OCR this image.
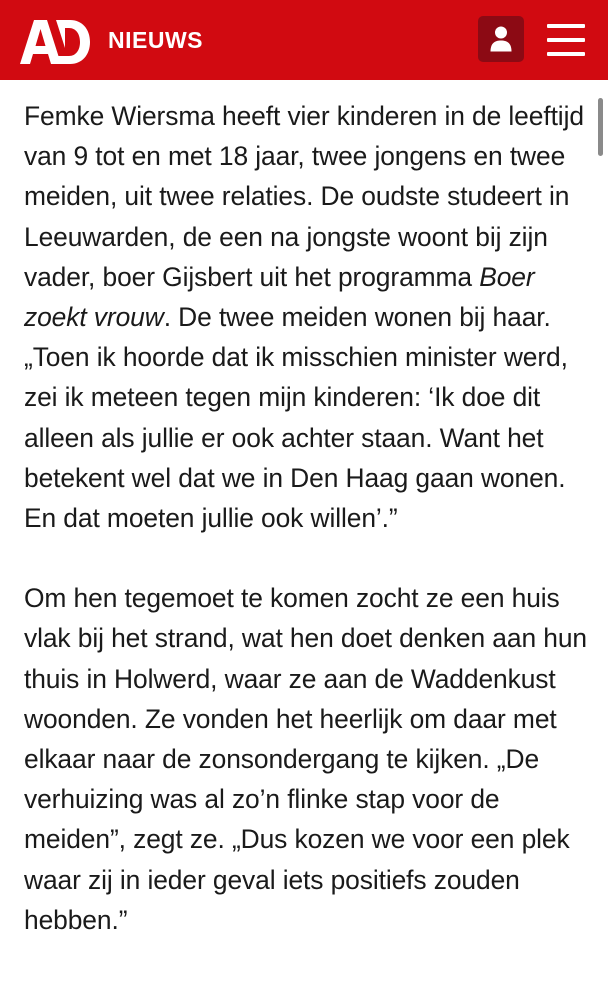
NIEUWS

Femke Wiersma heeft vier kinderen in de leeftijd van 9 tot en met 18 jaar, twee jongens en twee meiden, uit twee relaties. De oudste studeert in Leeuwarden, de een na jongste woont bij zijn vader, boer Gijsbert uit het programma Boer zoekt vrouw. De twee meiden wonen bij haar. „Toen ik hoorde dat ik misschien minister werd, zei ik meteen tegen mijn kinderen: ‘Ik doe dit alleen als jullie er ook achter staan. Want het betekent wel dat we in Den Haag gaan wonen. En dat moeten jullie ook willen’.”

Om hen tegemoet te komen zocht ze een huis vlak bij het strand, wat hen doet denken aan hun thuis in Holwerd, waar ze aan de Waddenkust woonden. Ze vonden het heerlijk om daar met elkaar naar de zonsondergang te kijken. „De verhuizing was al zo’n flinke stap voor de meiden”, zegt ze. „Dus kozen we voor een plek waar zij in ieder geval iets positiefs zouden hebben.”
